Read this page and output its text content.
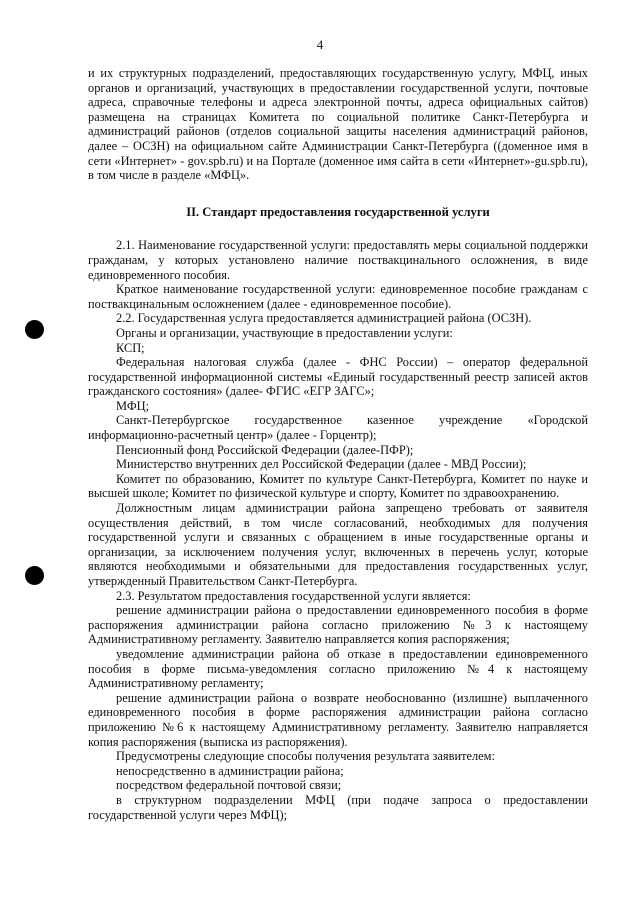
4

и их структурных подразделений, предоставляющих государственную услугу, МФЦ, иных органов и организаций, участвующих в предоставлении государственной услуги, почтовые адреса, справочные телефоны и адреса электронной почты, адреса официальных сайтов) размещена на страницах Комитета по социальной политике Санкт-Петербурга и администраций районов (отделов социальной защиты населения администраций районов, далее – ОСЗН) на официальном сайте Администрации Санкт-Петербурга ((доменное имя в сети «Интернет» - gov.spb.ru) и на Портале (доменное имя сайта в сети «Интернет»-gu.spb.ru), в том числе в разделе «МФЦ».

II. Стандарт предоставления государственной услуги

2.1. Наименование государственной услуги: предоставлять меры социальной поддержки гражданам, у которых установлено наличие поствакцинального осложнения, в виде единовременного пособия.

Краткое наименование государственной услуги: единовременное пособие гражданам с поствакцинальным осложнением (далее - единовременное пособие).

2.2. Государственная услуга предоставляется администрацией района (ОСЗН).

Органы и организации, участвующие в предоставлении услуги:

КСП;

Федеральная налоговая служба (далее - ФНС России) – оператор федеральной государственной информационной системы «Единый государственный реестр записей актов гражданского состояния» (далее- ФГИС «ЕГР ЗАГС»;

МФЦ;

Санкт-Петербургское государственное казенное учреждение «Городской информационно-расчетный центр» (далее - Горцентр);

Пенсионный фонд Российской Федерации (далее-ПФР);

Министерство внутренних дел Российской Федерации (далее - МВД России);

Комитет по образованию, Комитет по культуре Санкт-Петербурга, Комитет по науке и высшей школе; Комитет по физической культуре и спорту, Комитет по здравоохранению.

Должностным лицам администрации района запрещено требовать от заявителя осуществления действий, в том числе согласований, необходимых для получения государственной услуги и связанных с обращением в иные государственные органы и организации, за исключением получения услуг, включенных в перечень услуг, которые являются необходимыми и обязательными для предоставления государственных услуг, утвержденный Правительством Санкт-Петербурга.

2.3. Результатом предоставления государственной услуги является:

решение администрации района о предоставлении единовременного пособия в форме распоряжения администрации района согласно приложению №3 к настоящему Административному регламенту. Заявителю направляется копия распоряжения;

уведомление администрации района об отказе в предоставлении единовременного пособия в форме письма-уведомления согласно приложению №4 к настоящему Административному регламенту;

решение администрации района о возврате необоснованно (излишне) выплаченного единовременного пособия в форме распоряжения администрации района согласно приложению №6 к настоящему Административному регламенту. Заявителю направляется копия распоряжения (выписка из распоряжения).

Предусмотрены следующие способы получения результата заявителем:

непосредственно в администрации района;

посредством федеральной почтовой связи;

в структурном подразделении МФЦ (при подаче запроса о предоставлении государственной услуги через МФЦ);
